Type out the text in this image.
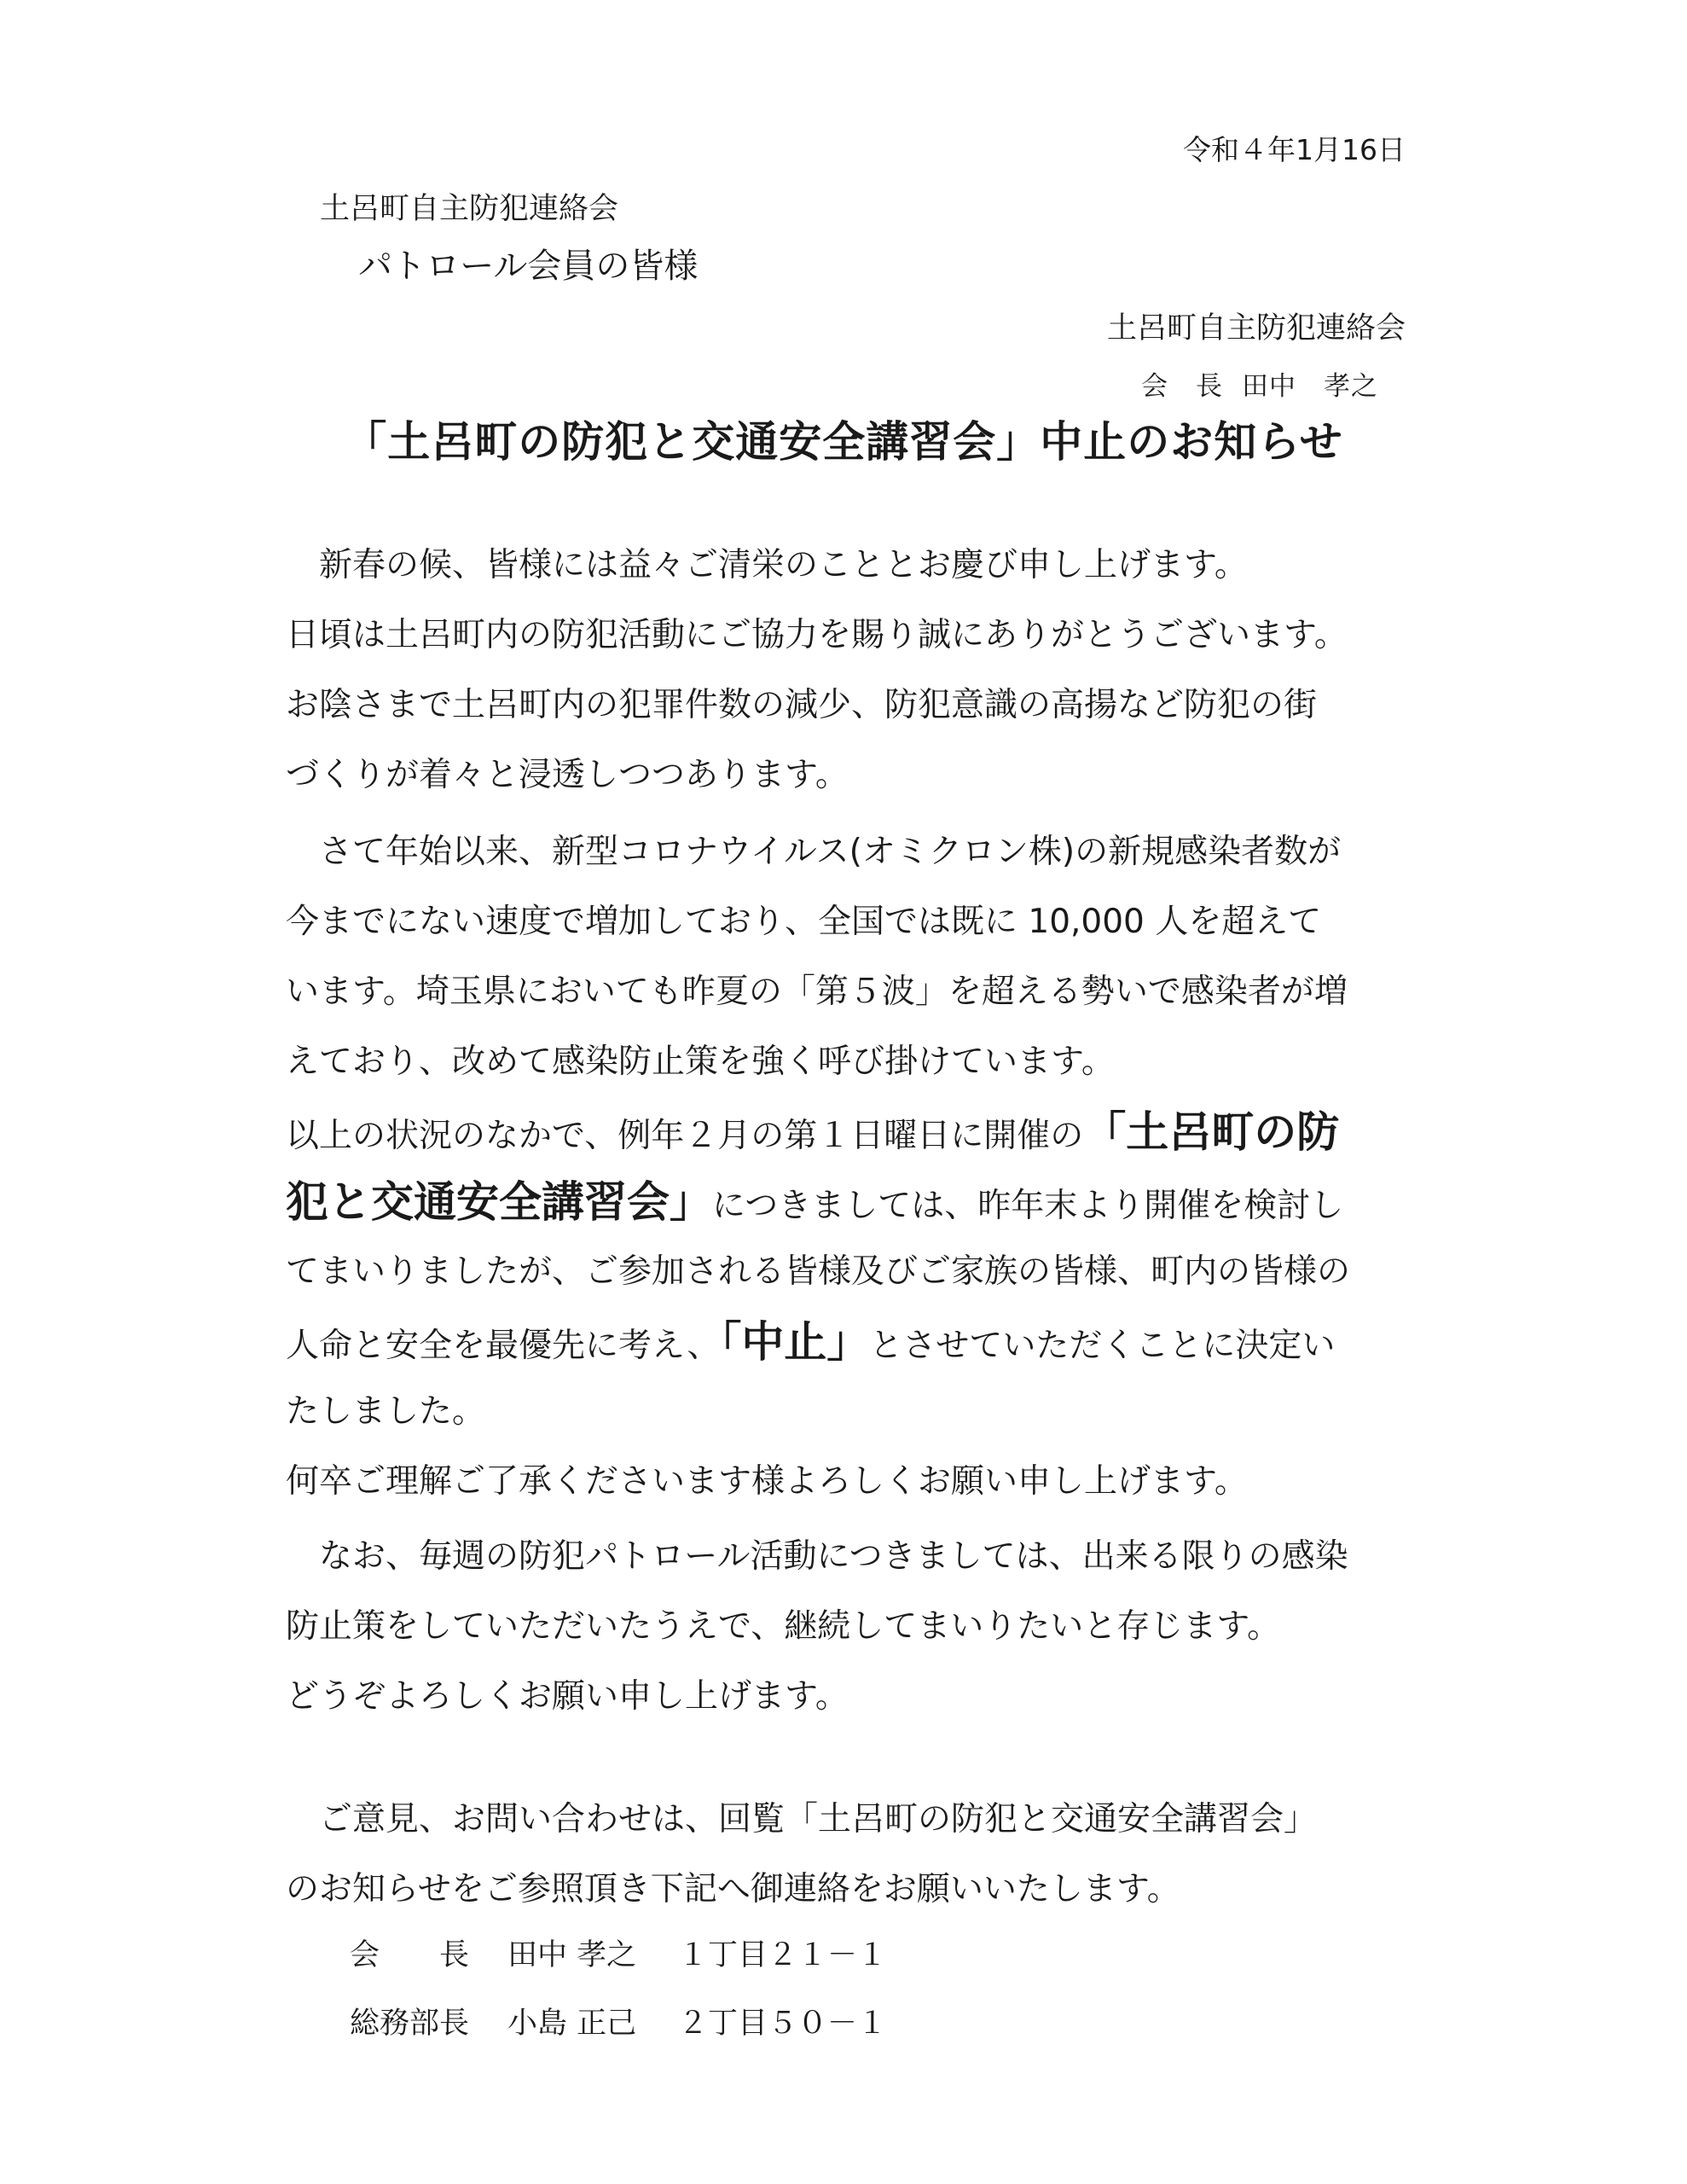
令和４年1月16日
土呂町自主防犯連絡会
パトロール会員の皆様
土呂町自主防犯連絡会
会　長 田中　孝之
「土呂町の防犯と交通安全講習会」中止のお知らせ
　新春の候、皆様には益々ご清栄のこととお慶び申し上げます。
日頃は土呂町内の防犯活動にご協力を賜り誠にありがとうございます。
お陰さまで土呂町内の犯罪件数の減少、防犯意識の高揚など防犯の街
づくりが着々と浸透しつつあります。
　さて年始以来、新型コロナウイルス(オミクロン株)の新規感染者数が
今までにない速度で増加しており、全国では既に 10,000 人を超えて
います。埼玉県においても昨夏の「第５波」を超える勢いで感染者が増
えており、改めて感染防止策を強く呼び掛けています。
以上の状況のなかで、例年２月の第１日曜日に開催の「土呂町の防
犯と交通安全講習会」につきましては、昨年末より開催を検討し
てまいりましたが、ご参加される皆様及びご家族の皆様、町内の皆様の
人命と安全を最優先に考え、「中止」とさせていただくことに決定い
たしました。
何卒ご理解ご了承くださいます様よろしくお願い申し上げます。
　なお、毎週の防犯パトロール活動につきましては、出来る限りの感染
防止策をしていただいたうえで、継続してまいりたいと存じます。
どうぞよろしくお願い申し上げます。
　ご意見、お問い合わせは、回覧「土呂町の防犯と交通安全講習会」
のお知らせをご参照頂き下記へ御連絡をお願いいたします。
会　　長 田中 孝之 １丁目２１－１
総務部長 小島 正己 ２丁目５０－１
